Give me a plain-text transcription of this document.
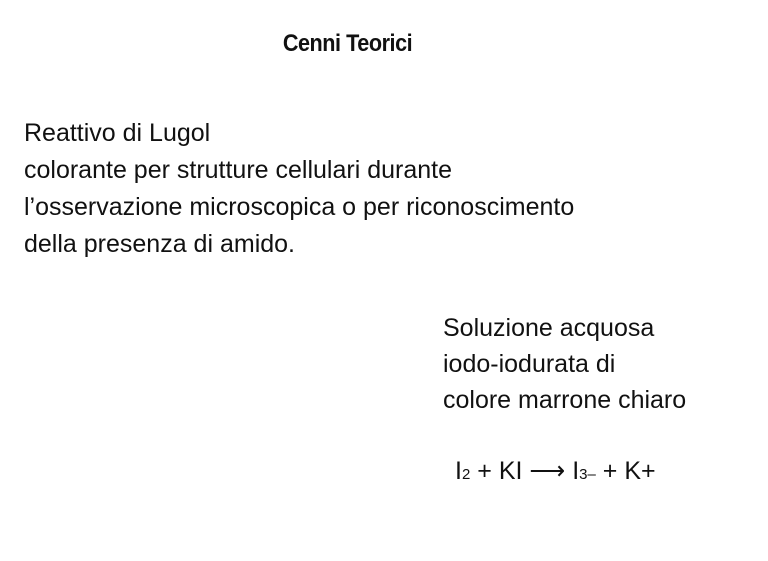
Cenni Teorici
Reattivo di Lugol
colorante per strutture cellulari durante
l’osservazione microscopica o per riconoscimento
della presenza di amido.
Soluzione acquosa
iodo-iodurata di
colore marrone chiaro
I2 + KI ⟶ I3– + K+
